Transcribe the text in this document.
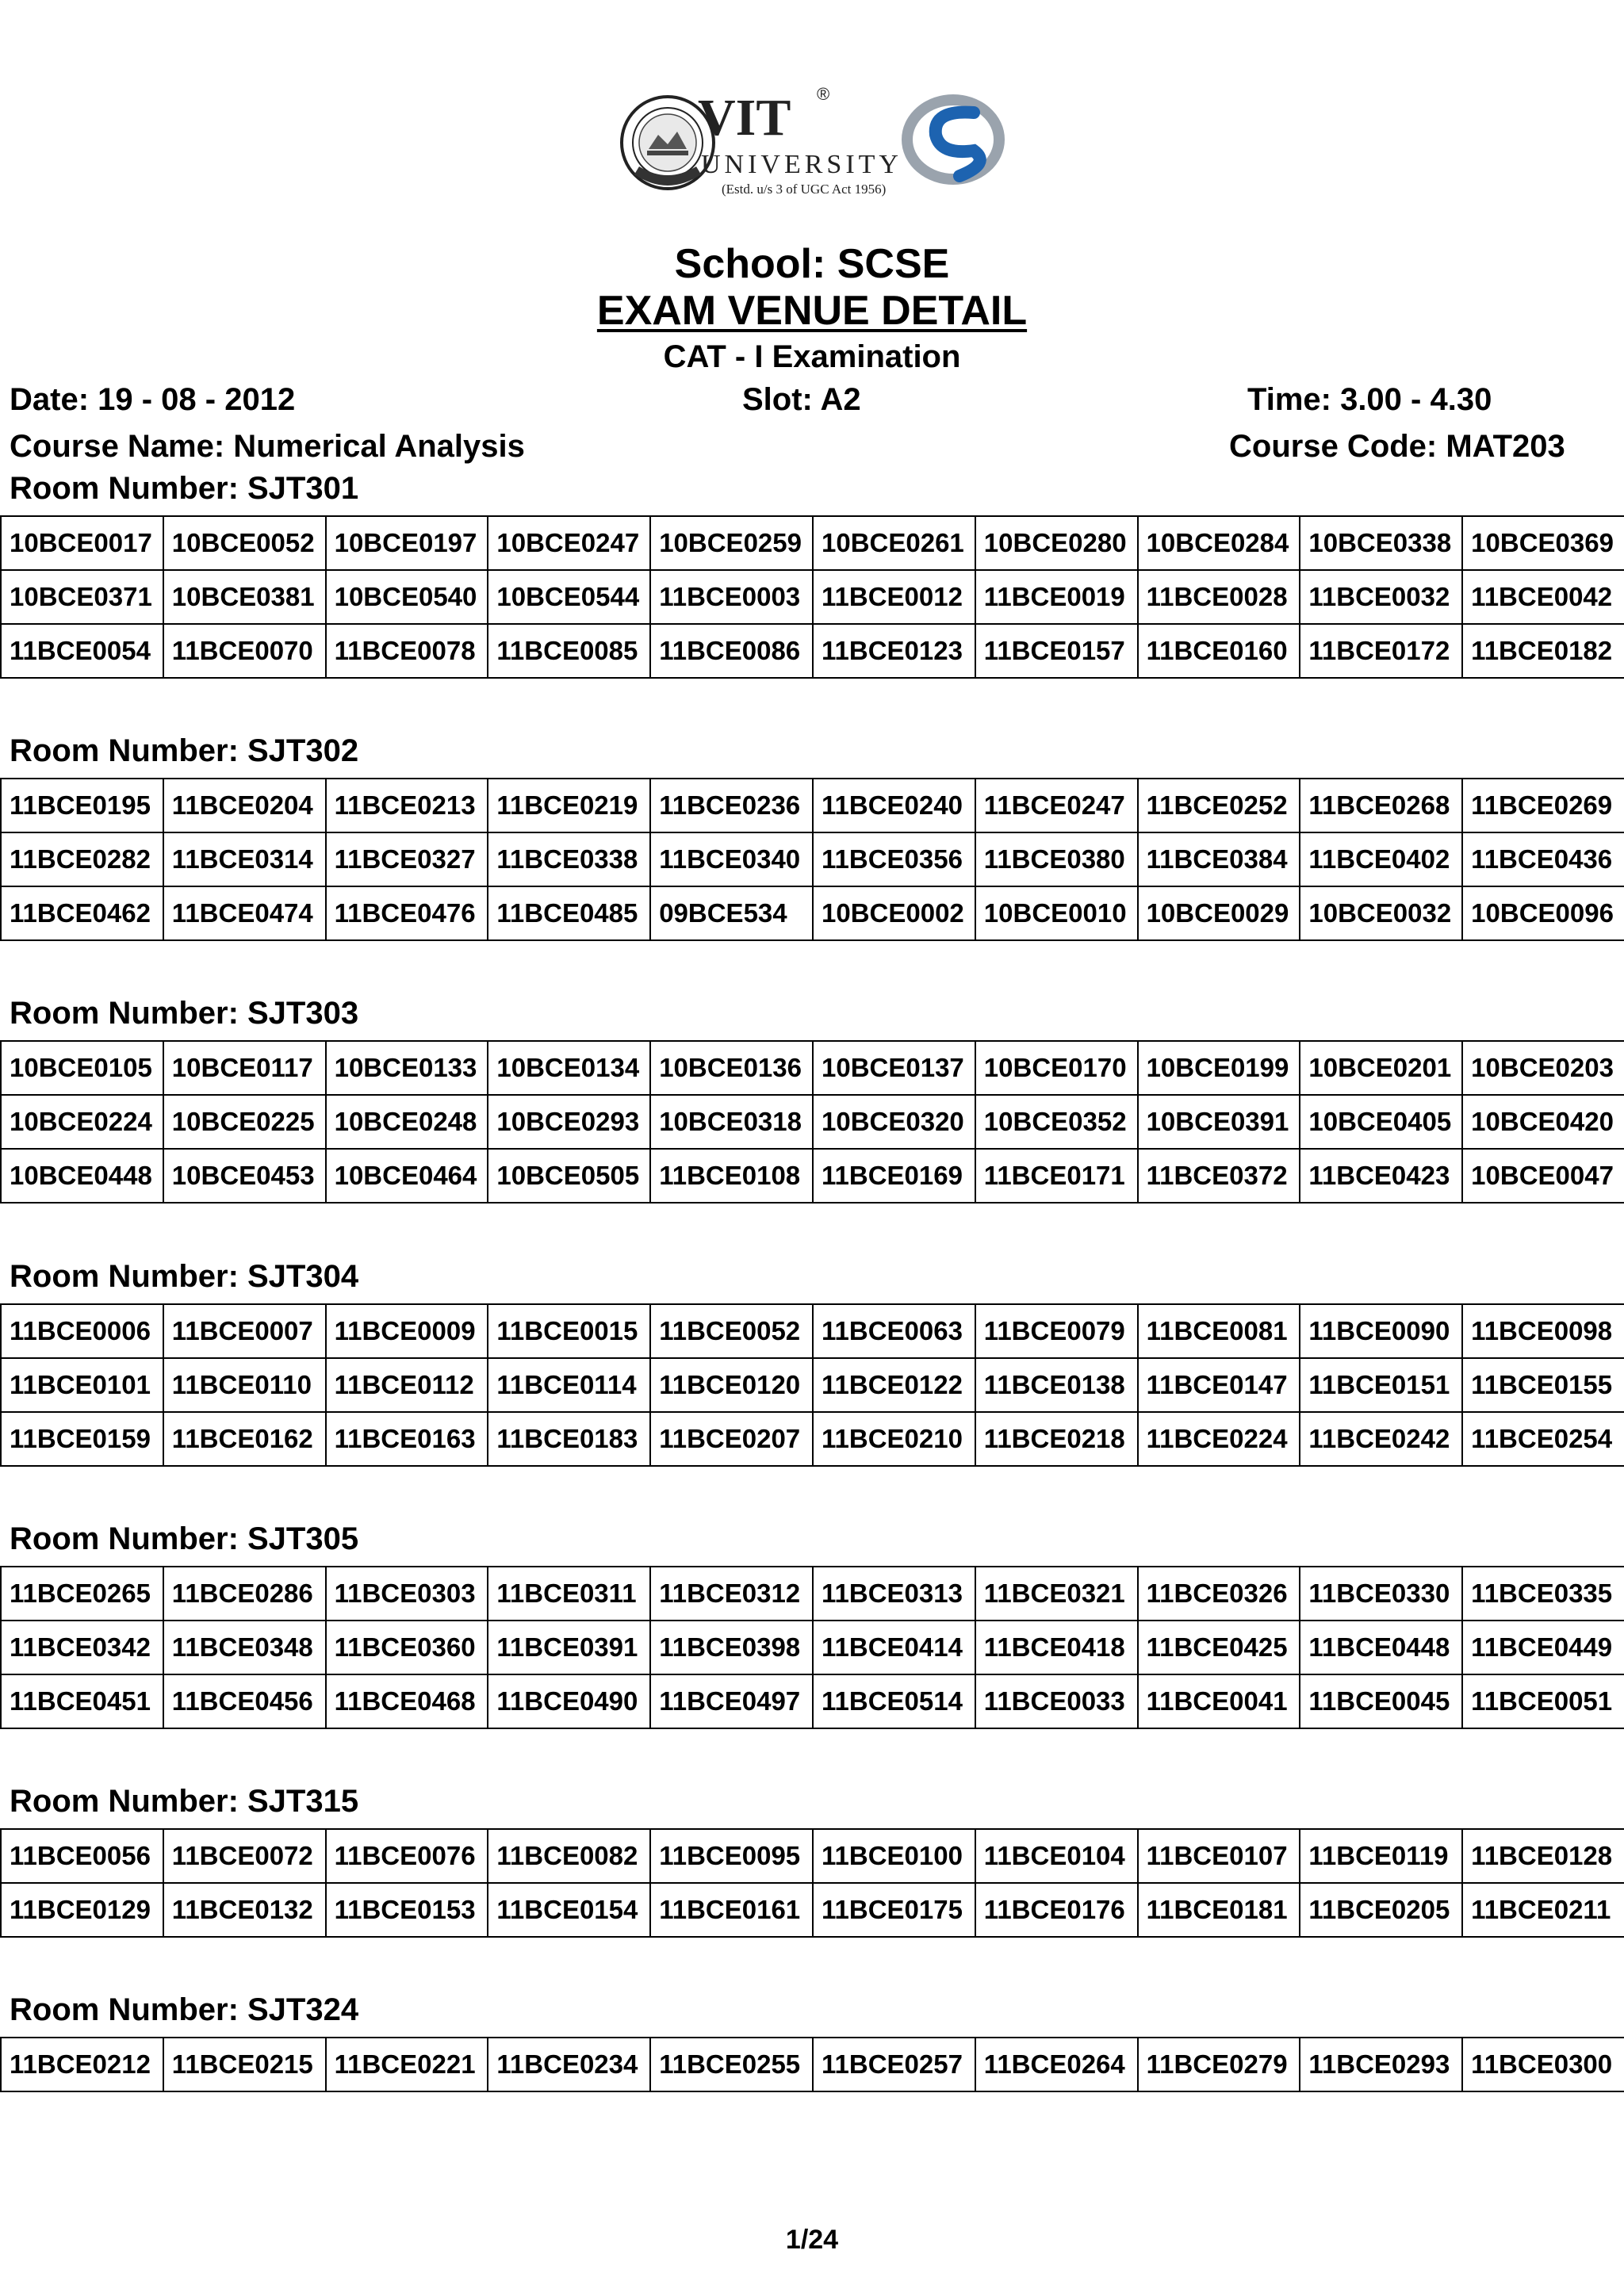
VIT ®
UNIVERSITY
(Estd. u/s 3 of UGC Act 1956)
School: SCSE
EXAM VENUE DETAIL
CAT - I Examination
Date: 19 - 08 - 2012	Slot: A2	Time: 3.00 - 4.30
Course Name: Numerical Analysis	Course Code: MAT203
Room Number: SJT301
10BCE0017	10BCE0052	10BCE0197	10BCE0247	10BCE0259	10BCE0261	10BCE0280	10BCE0284	10BCE0338	10BCE0369
10BCE0371	10BCE0381	10BCE0540	10BCE0544	11BCE0003	11BCE0012	11BCE0019	11BCE0028	11BCE0032	11BCE0042
11BCE0054	11BCE0070	11BCE0078	11BCE0085	11BCE0086	11BCE0123	11BCE0157	11BCE0160	11BCE0172	11BCE0182
Room Number: SJT302
11BCE0195	11BCE0204	11BCE0213	11BCE0219	11BCE0236	11BCE0240	11BCE0247	11BCE0252	11BCE0268	11BCE0269
11BCE0282	11BCE0314	11BCE0327	11BCE0338	11BCE0340	11BCE0356	11BCE0380	11BCE0384	11BCE0402	11BCE0436
11BCE0462	11BCE0474	11BCE0476	11BCE0485	09BCE534	10BCE0002	10BCE0010	10BCE0029	10BCE0032	10BCE0096
Room Number: SJT303
10BCE0105	10BCE0117	10BCE0133	10BCE0134	10BCE0136	10BCE0137	10BCE0170	10BCE0199	10BCE0201	10BCE0203
10BCE0224	10BCE0225	10BCE0248	10BCE0293	10BCE0318	10BCE0320	10BCE0352	10BCE0391	10BCE0405	10BCE0420
10BCE0448	10BCE0453	10BCE0464	10BCE0505	11BCE0108	11BCE0169	11BCE0171	11BCE0372	11BCE0423	10BCE0047
Room Number: SJT304
11BCE0006	11BCE0007	11BCE0009	11BCE0015	11BCE0052	11BCE0063	11BCE0079	11BCE0081	11BCE0090	11BCE0098
11BCE0101	11BCE0110	11BCE0112	11BCE0114	11BCE0120	11BCE0122	11BCE0138	11BCE0147	11BCE0151	11BCE0155
11BCE0159	11BCE0162	11BCE0163	11BCE0183	11BCE0207	11BCE0210	11BCE0218	11BCE0224	11BCE0242	11BCE0254
Room Number: SJT305
11BCE0265	11BCE0286	11BCE0303	11BCE0311	11BCE0312	11BCE0313	11BCE0321	11BCE0326	11BCE0330	11BCE0335
11BCE0342	11BCE0348	11BCE0360	11BCE0391	11BCE0398	11BCE0414	11BCE0418	11BCE0425	11BCE0448	11BCE0449
11BCE0451	11BCE0456	11BCE0468	11BCE0490	11BCE0497	11BCE0514	11BCE0033	11BCE0041	11BCE0045	11BCE0051
Room Number: SJT315
11BCE0056	11BCE0072	11BCE0076	11BCE0082	11BCE0095	11BCE0100	11BCE0104	11BCE0107	11BCE0119	11BCE0128
11BCE0129	11BCE0132	11BCE0153	11BCE0154	11BCE0161	11BCE0175	11BCE0176	11BCE0181	11BCE0205	11BCE0211
Room Number: SJT324
11BCE0212	11BCE0215	11BCE0221	11BCE0234	11BCE0255	11BCE0257	11BCE0264	11BCE0279	11BCE0293	11BCE0300
1/24
